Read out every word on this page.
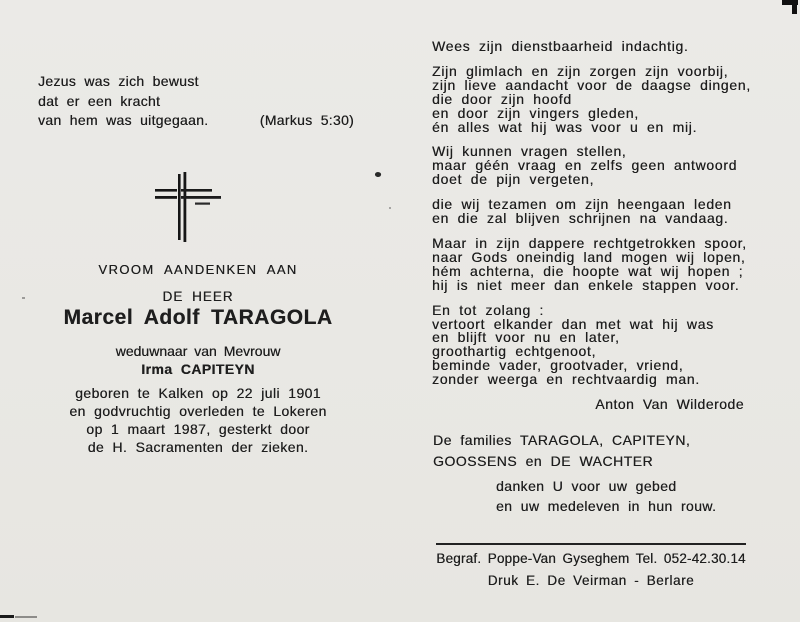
Jezus was zich bewust
dat er een kracht
van hem was uitgegaan.	(Markus 5:30)
VROOM AANDENKEN AAN
DE HEER
Marcel Adolf TARAGOLA
weduwnaar van Mevrouw
Irma CAPITEYN
geboren te Kalken op 22 juli 1901
en godvruchtig overleden te Lokeren
op 1 maart 1987, gesterkt door
de H. Sacramenten der zieken.
Wees zijn dienstbaarheid indachtig.
Zijn glimlach en zijn zorgen zijn voorbij,
zijn lieve aandacht voor de daagse dingen,
die door zijn hoofd
en door zijn vingers gleden,
én alles wat hij was voor u en mij.
Wij kunnen vragen stellen,
maar géén vraag en zelfs geen antwoord
doet de pijn vergeten,
die wij tezamen om zijn heengaan leden
en die zal blijven schrijnen na vandaag.
Maar in zijn dappere rechtgetrokken spoor,
naar Gods oneindig land mogen wij lopen,
hém achterna, die hoopte wat wij hopen ;
hij is niet meer dan enkele stappen voor.
En tot zolang :
vertoort elkander dan met wat hij was
en blijft voor nu en later,
groothartig echtgenoot,
beminde vader, grootvader, vriend,
zonder weerga en rechtvaardig man.
Anton Van Wilderode
De families TARAGOLA, CAPITEYN,
GOOSSENS en DE WACHTER
danken U voor uw gebed
en uw medeleven in hun rouw.
Begraf. Poppe-Van Gyseghem Tel. 052-42.30.14
Druk E. De Veirman - Berlare
